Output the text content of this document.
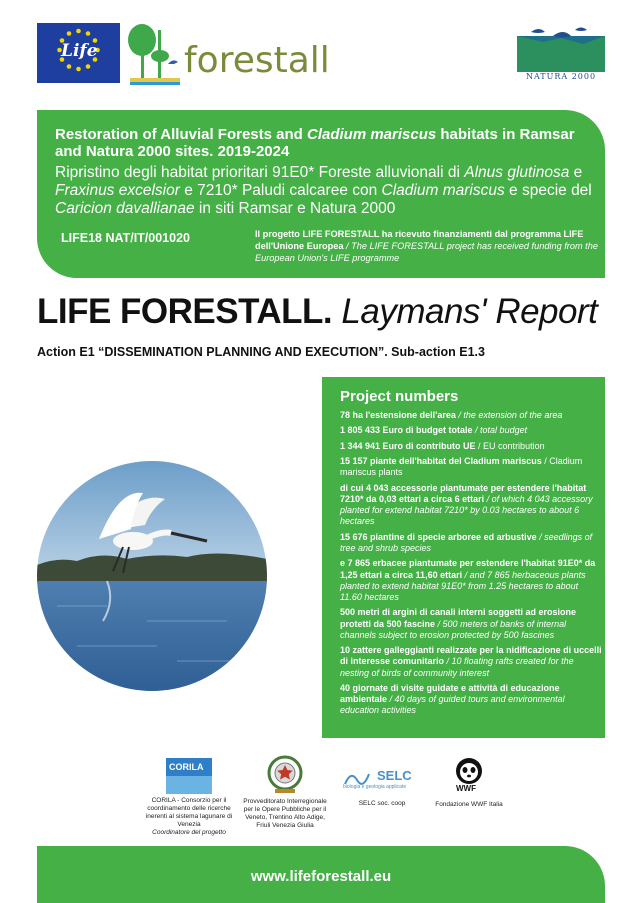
Life forestall	NATURA 2000
Restoration of Alluvial Forests and Cladium mariscus habitats in Ramsar and Natura 2000 sites. 2019-2024
Ripristino degli habitat prioritari 91E0* Foreste alluvionali di Alnus glutinosa e Fraxinus excelsior e 7210* Paludi calcaree con Cladium mariscus e specie del Caricion davallianae in siti Ramsar e Natura 2000
LIFE18 NAT/IT/001020	Il progetto LIFE FORESTALL ha ricevuto finanziamenti dal programma LIFE dell'Unione Europea / The LIFE FORESTALL project has received funding from the European Union's LIFE programme
LIFE FORESTALL. Laymans' Report
Action E1 “DISSEMINATION PLANNING AND EXECUTION”. Sub-action E1.3
Project numbers
78 ha l'estensione dell'area / the extension of the area
1 805 433 Euro di budget totale / total budget
1 344 941 Euro di contributo UE / EU contribution
15 157 piante dell'habitat del Cladium mariscus / Cladium mariscus plants
di cui 4 043 accessorie piantumate per estendere l'habitat 7210* da 0,03 ettari a circa 6 ettari / of which 4 043 accessory planted for extend habitat 7210* by 0.03 hectares to about 6 hectares
15 676 piantine di specie arboree ed arbustive / seedlings of tree and shrub species
e 7 865 erbacee piantumate per estendere l'habitat 91E0* da 1,25 ettari a circa 11,60 ettari / and 7 865 herbaceous plants planted to extend habitat 91E0* from 1.25 hectares to about 11.60 hectares
500 metri di argini di canali interni soggetti ad erosione protetti da 500 fascine / 500 meters of banks of internal channels subject to erosion protected by 500 fascines
10 zattere galleggianti realizzate per la nidificazione di uccelli di interesse comunitario / 10 floating rafts created for the nesting of birds of community interest
40 giornate di visite guidate e attività di educazione ambientale / 40 days of guided tours and environmental education activities
CORILA
CORILA - Consorzio per il coordinamento delle ricerche inerenti al sistema lagunare di Venezia
Coordinatore del progetto
Provveditorato Interregionale per le Opere Pubbliche per il Veneto, Trentino Alto Adige, Friuli Venezia Giulia
SELC
biologia e geologia applicate
SELC soc. coop
WWF
Fondazione WWF Italia
www.lifeforestall.eu
